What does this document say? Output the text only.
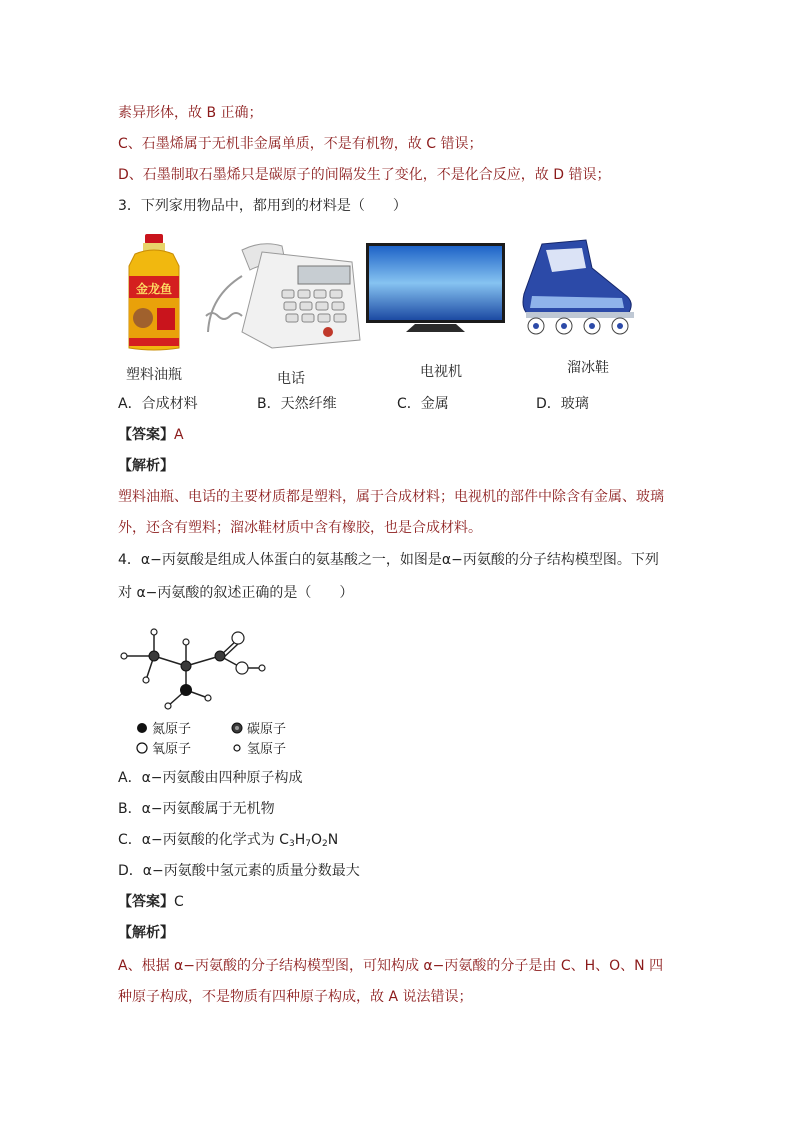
素异形体，故 B 正确；
C、石墨烯属于无机非金属单质，不是有机物，故 C 错误；
D、石墨制取石墨烯只是碳原子的间隔发生了变化，不是化合反应，故 D 错误；
3．下列家用物品中，都用到的材料是（　　）
金龙鱼
塑料油瓶	电话	电视机	溜冰鞋
A．合成材料	B．天然纤维	C．金属	D．玻璃
【答案】A
【解析】
塑料油瓶、电话的主要材质都是塑料，属于合成材料；电视机的部件中除含有金属、玻璃
外，还含有塑料；溜冰鞋材质中含有橡胶，也是合成材料。
4．α−丙氨酸是组成人体蛋白的氨基酸之一，如图是α−丙氨酸的分子结构模型图。下列
对 α−丙氨酸的叙述正确的是（　　）
氮原子	碳原子
氧原子	氢原子
A．α−丙氨酸由四种原子构成
B．α−丙氨酸属于无机物
C．α−丙氨酸的化学式为 $C_3H_7O_2N$
D．α−丙氨酸中氢元素的质量分数最大
【答案】C
【解析】
A、根据 α−丙氨酸的分子结构模型图，可知构成 α−丙氨酸的分子是由 C、H、O、N 四
种原子构成，不是物质有四种原子构成，故 A 说法错误；
